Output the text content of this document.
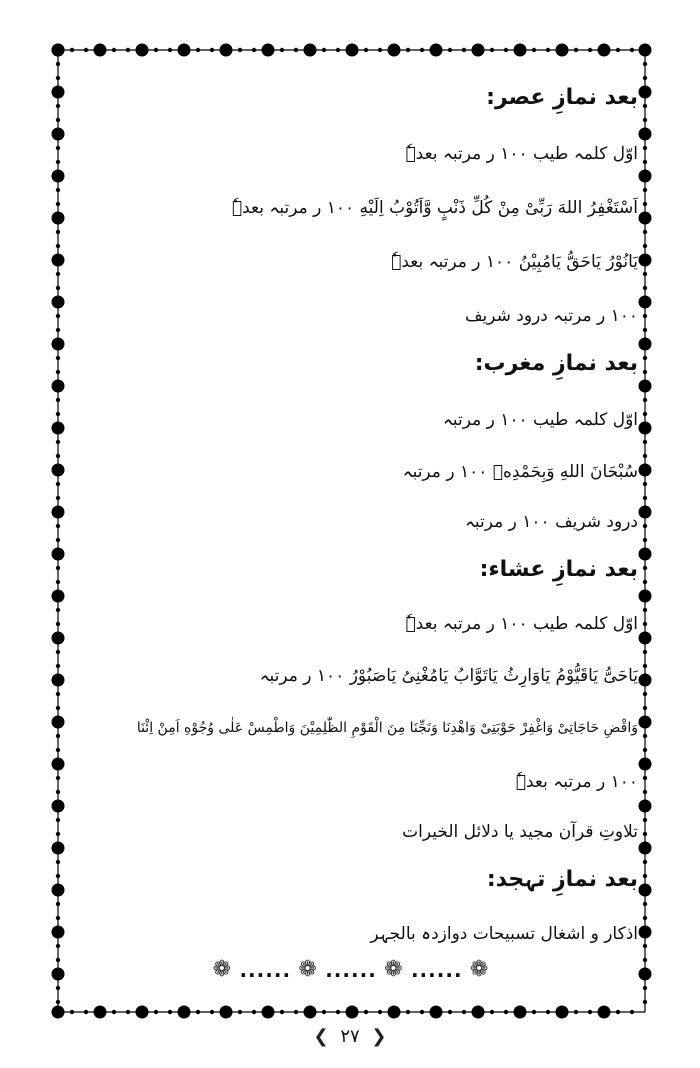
بعد نمازِ عصر:
اوّل کلمہ طیب ۱۰۰ ر مرتبہ بعدہٗ
اَسْتَغْفِرُ اللهَ رَبِّیْ مِنْ کُلِّ ذَنْبٍ وَّاَتُوْبُ اِلَیْهِ ۱۰۰ ر مرتبہ بعدہٗ
یَانُوْرُ یَاحَقُّ یَامُبِیْنُ ۱۰۰ ر مرتبہ بعدہٗ
۱۰۰ ر مرتبہ درود شریف
بعد نمازِ مغرب:
اوّل کلمہ طیب ۱۰۰ ر مرتبہ
سُبْحَانَ اللهِ وَبِحَمْدِهٖ ۱۰۰ ر مرتبہ
درود شریف ۱۰۰ ر مرتبہ
بعد نمازِ عشاء:
اوّل کلمہ طیب ۱۰۰ ر مرتبہ بعدہٗ
یَاحَیُّ یَاقَیُّوْمُ یَاوَارِثُ یَاتَوَّابُ یَامُغْنِیُ یَاصَبُوْرُ ۱۰۰ ر مرتبہ
وَاقْضِ حَاجَاتِیْ وَاغْفِرْ حَوْبَتِیْ وَاهْدِنَا وَنَجِّنَا مِنَ الْقَوْمِ الظّٰلِمِیْنَ وَاطْمِسْ عَلٰی وُجُوْهِ اَمِنْ اِئْنَا
۱۰۰ ر مرتبہ بعدہٗ
تلاوتِ قرآن مجید یا دلائل الخیرات
بعد نمازِ تہجد:
اذکار و اشغال تسبیحات دوازدہ بالجہر
❁ ...... ❁ ...... ❁ ...... ❁
❮ ۲۷ ❯
